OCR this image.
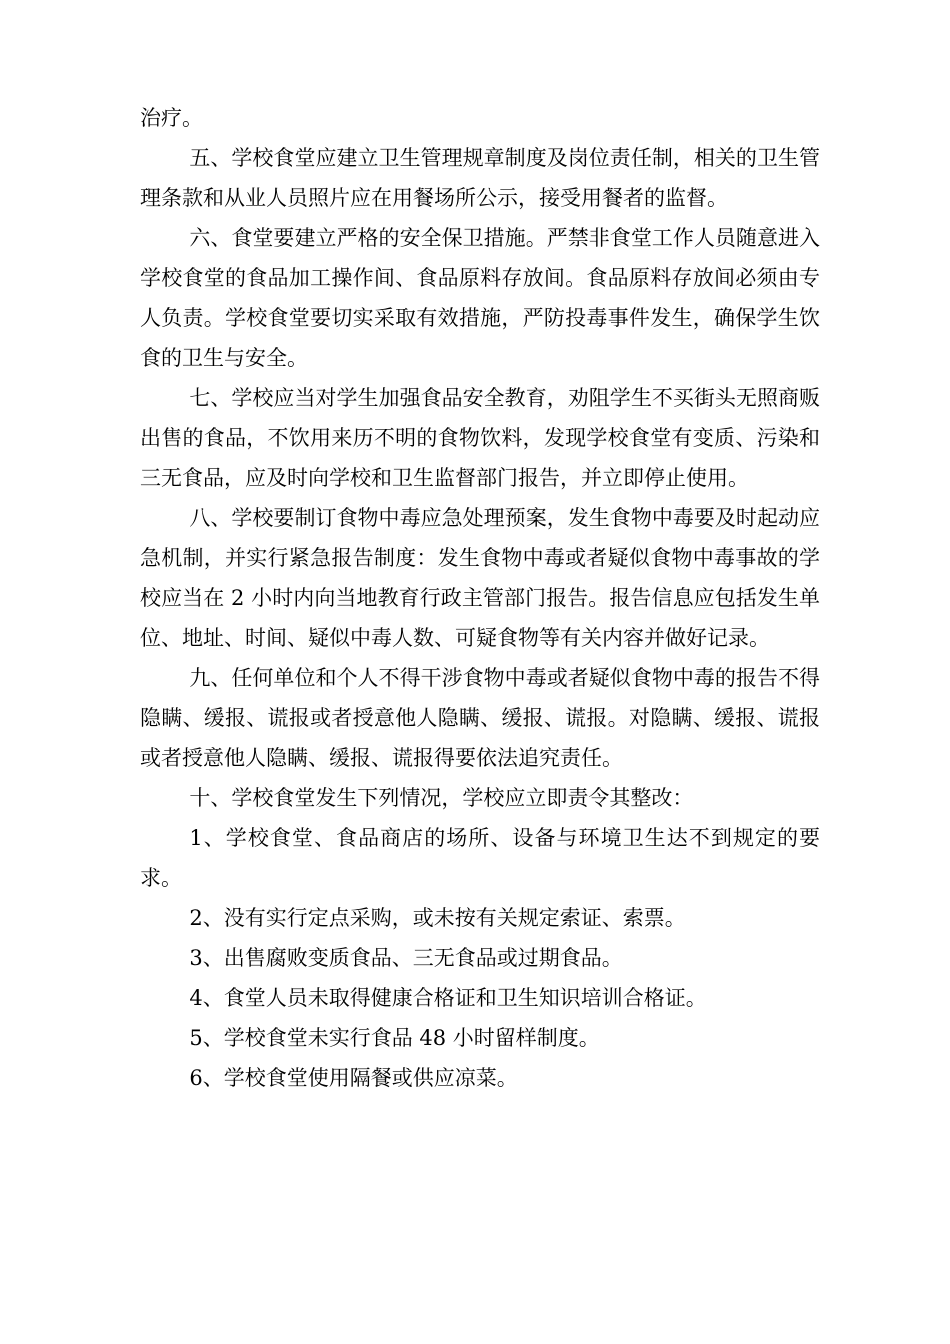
治疗。

五、学校食堂应建立卫生管理规章制度及岗位责任制，相关的卫生管理条款和从业人员照片应在用餐场所公示，接受用餐者的监督。

六、食堂要建立严格的安全保卫措施。严禁非食堂工作人员随意进入学校食堂的食品加工操作间、食品原料存放间。食品原料存放间必须由专人负责。学校食堂要切实采取有效措施，严防投毒事件发生，确保学生饮食的卫生与安全。

七、学校应当对学生加强食品安全教育，劝阻学生不买街头无照商贩出售的食品，不饮用来历不明的食物饮料，发现学校食堂有变质、污染和三无食品，应及时向学校和卫生监督部门报告，并立即停止使用。

八、学校要制订食物中毒应急处理预案，发生食物中毒要及时起动应急机制，并实行紧急报告制度：发生食物中毒或者疑似食物中毒事故的学校应当在 2 小时内向当地教育行政主管部门报告。报告信息应包括发生单位、地址、时间、疑似中毒人数、可疑食物等有关内容并做好记录。

九、任何单位和个人不得干涉食物中毒或者疑似食物中毒的报告不得隐瞒、缓报、谎报或者授意他人隐瞒、缓报、谎报。对隐瞒、缓报、谎报或者授意他人隐瞒、缓报、谎报得要依法追究责任。

十、学校食堂发生下列情况，学校应立即责令其整改：

1、学校食堂、食品商店的场所、设备与环境卫生达不到规定的要求。

2、没有实行定点采购，或未按有关规定索证、索票。

3、出售腐败变质食品、三无食品或过期食品。

4、食堂人员未取得健康合格证和卫生知识培训合格证。

5、学校食堂未实行食品 48 小时留样制度。

6、学校食堂使用隔餐或供应凉菜。
